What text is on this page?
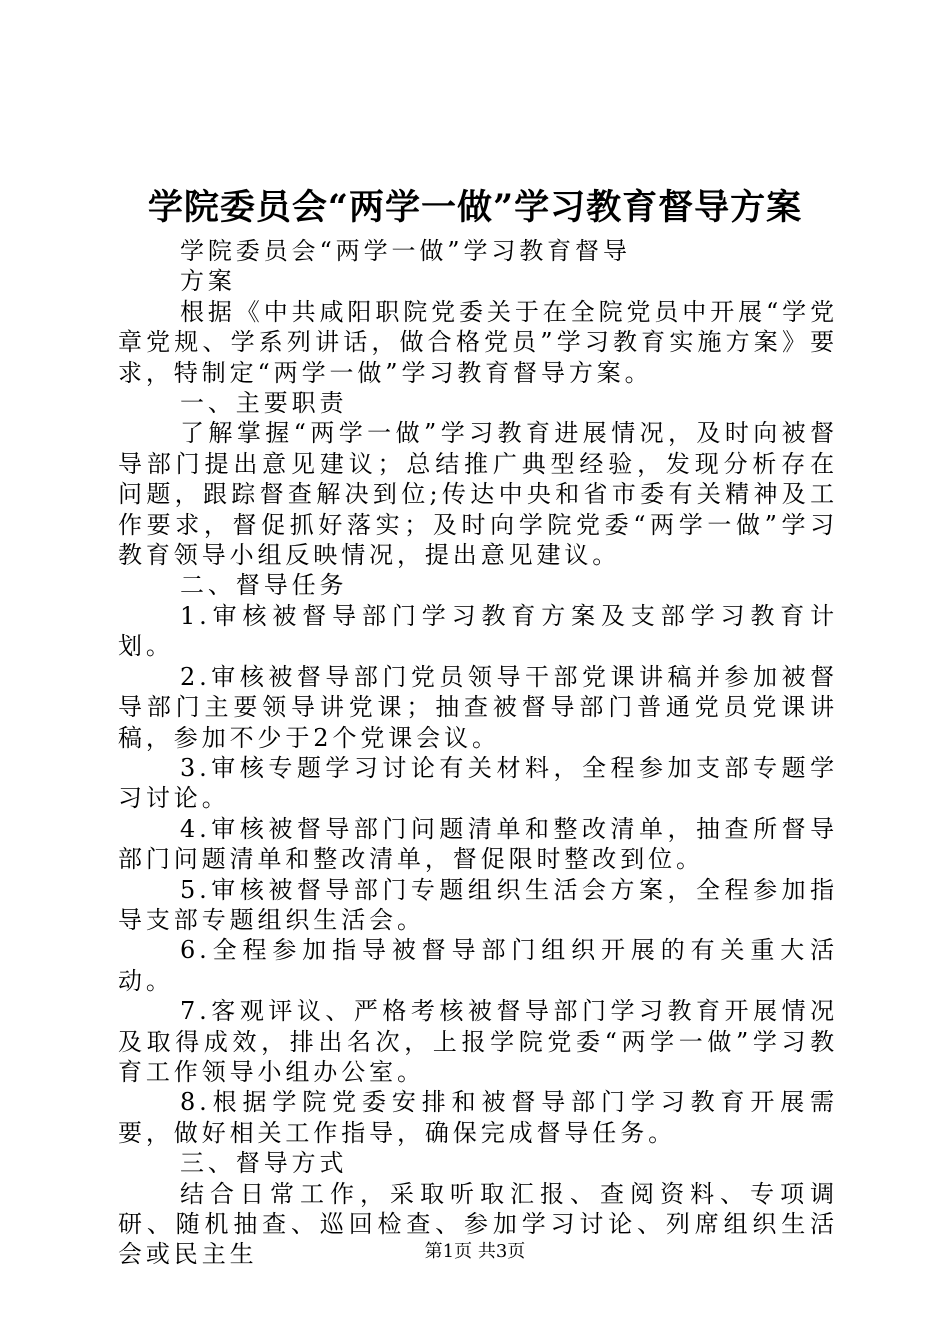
学院委员会“两学一做”学习教育督导方案

学院委员会“两学一做”学习教育督导

方案

根据《中共咸阳职院党委关于在全院党员中开展“学党章党规、学系列讲话，做合格党员”学习教育实施方案》要求，特制定“两学一做”学习教育督导方案。

一、主要职责

了解掌握“两学一做”学习教育进展情况，及时向被督导部门提出意见建议；总结推广典型经验，发现分析存在问题，跟踪督查解决到位;传达中央和省市委有关精神及工作要求，督促抓好落实；及时向学院党委“两学一做”学习教育领导小组反映情况，提出意见建议。

二、督导任务

1.审核被督导部门学习教育方案及支部学习教育计划。

2.审核被督导部门党员领导干部党课讲稿并参加被督导部门主要领导讲党课；抽查被督导部门普通党员党课讲稿，参加不少于2个党课会议。

3.审核专题学习讨论有关材料，全程参加支部专题学习讨论。

4.审核被督导部门问题清单和整改清单，抽查所督导部门问题清单和整改清单，督促限时整改到位。

5.审核被督导部门专题组织生活会方案，全程参加指导支部专题组织生活会。

6.全程参加指导被督导部门组织开展的有关重大活动。

7.客观评议、严格考核被督导部门学习教育开展情况及取得成效，排出名次，上报学院党委“两学一做”学习教育工作领导小组办公室。

8.根据学院党委安排和被督导部门学习教育开展需要，做好相关工作指导，确保完成督导任务。

三、督导方式

结合日常工作，采取听取汇报、查阅资料、专项调研、随机抽查、巡回检查、参加学习讨论、列席组织生活会或民主生	第1页 共3页
